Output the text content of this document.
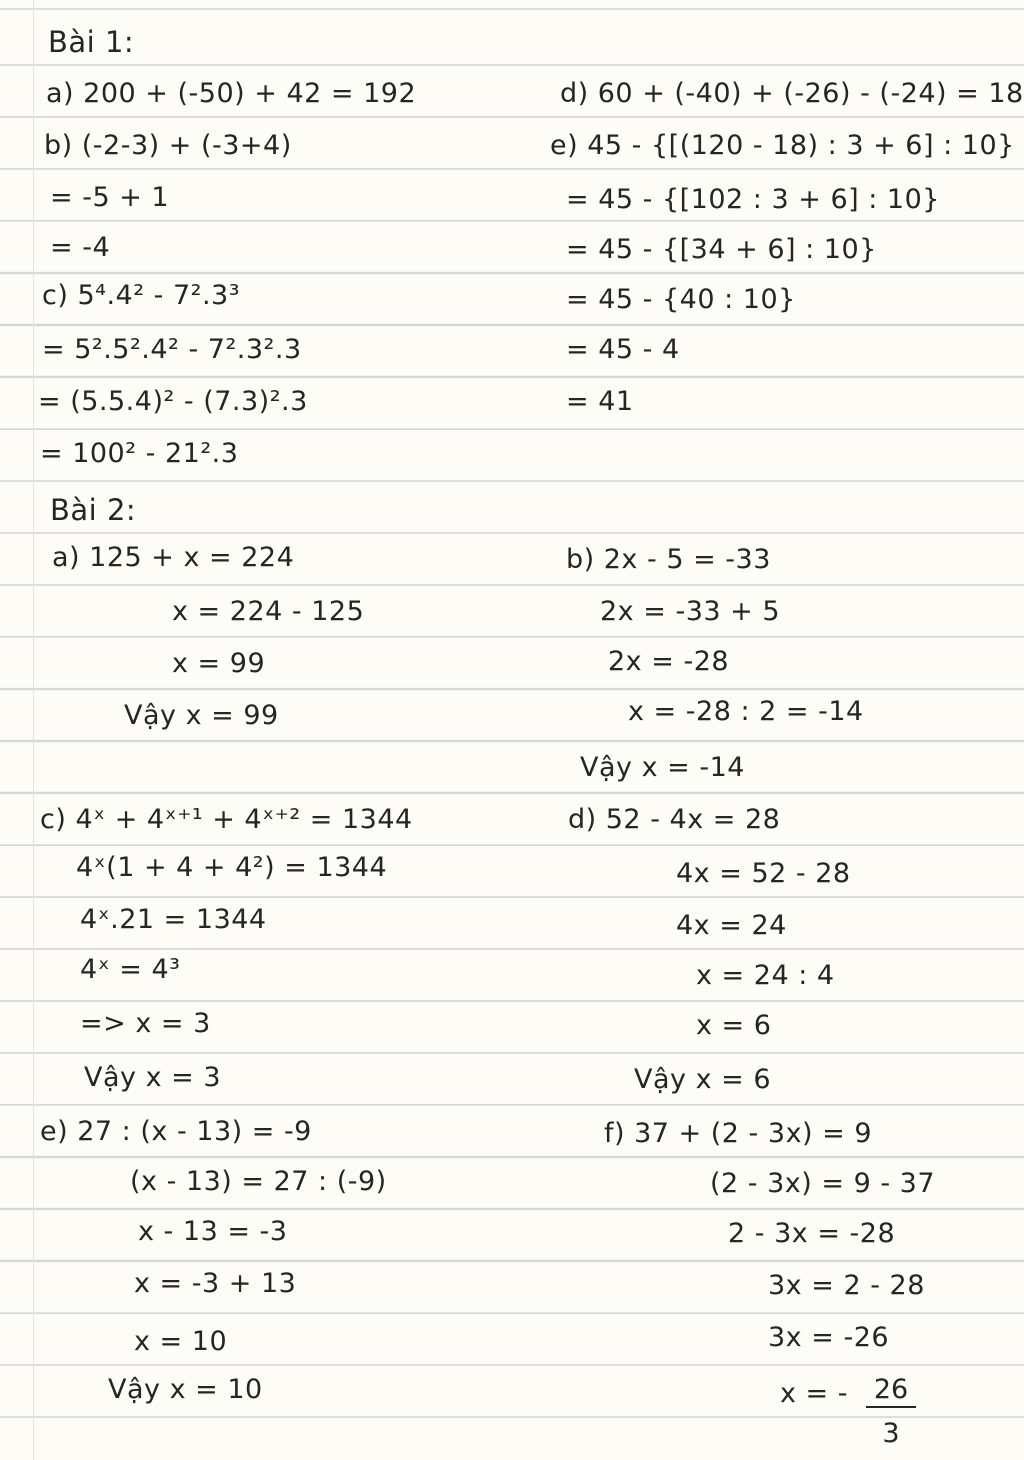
Bài 1:
a) 200 + (-50) + 42 = 192
b) (-2-3) + (-3+4)
= -5 + 1
= -4
c) 5⁴.4² - 7².3³
= 5².5².4² - 7².3².3
= (5.5.4)² - (7.3)².3
= 100² - 21².3
d) 60 + (-40) + (-26) - (-24) = 18
e) 45 - {[(120 - 18) : 3 + 6] : 10}
= 45 - {[102 : 3 + 6] : 10}
= 45 - {[34 + 6] : 10}
= 45 - {40 : 10}
= 45 - 4
= 41
Bài 2:
a) 125 + x = 224
x = 224 - 125
x = 99
Vậy x = 99
b) 2x - 5 = -33
2x = -33 + 5
2x = -28
x = -28 : 2 = -14
Vậy x = -14
c) 4ˣ + 4ˣ⁺¹ + 4ˣ⁺² = 1344
4ˣ(1 + 4 + 4²) = 1344
4ˣ.21 = 1344
4ˣ = 4³
=> x = 3
Vậy x = 3
d) 52 - 4x = 28
4x = 52 - 28
4x = 24
x = 24 : 4
x = 6
Vậy x = 6
e) 27 : (x - 13) = -9
(x - 13) = 27 : (-9)
x - 13 = -3
x = -3 + 13
x = 10
Vậy x = 10
f) 37 + (2 - 3x) = 9
(2 - 3x) = 9 - 37
2 - 3x = -28
3x = 2 - 28
3x = -26
x = - $\frac{26}{3}$
